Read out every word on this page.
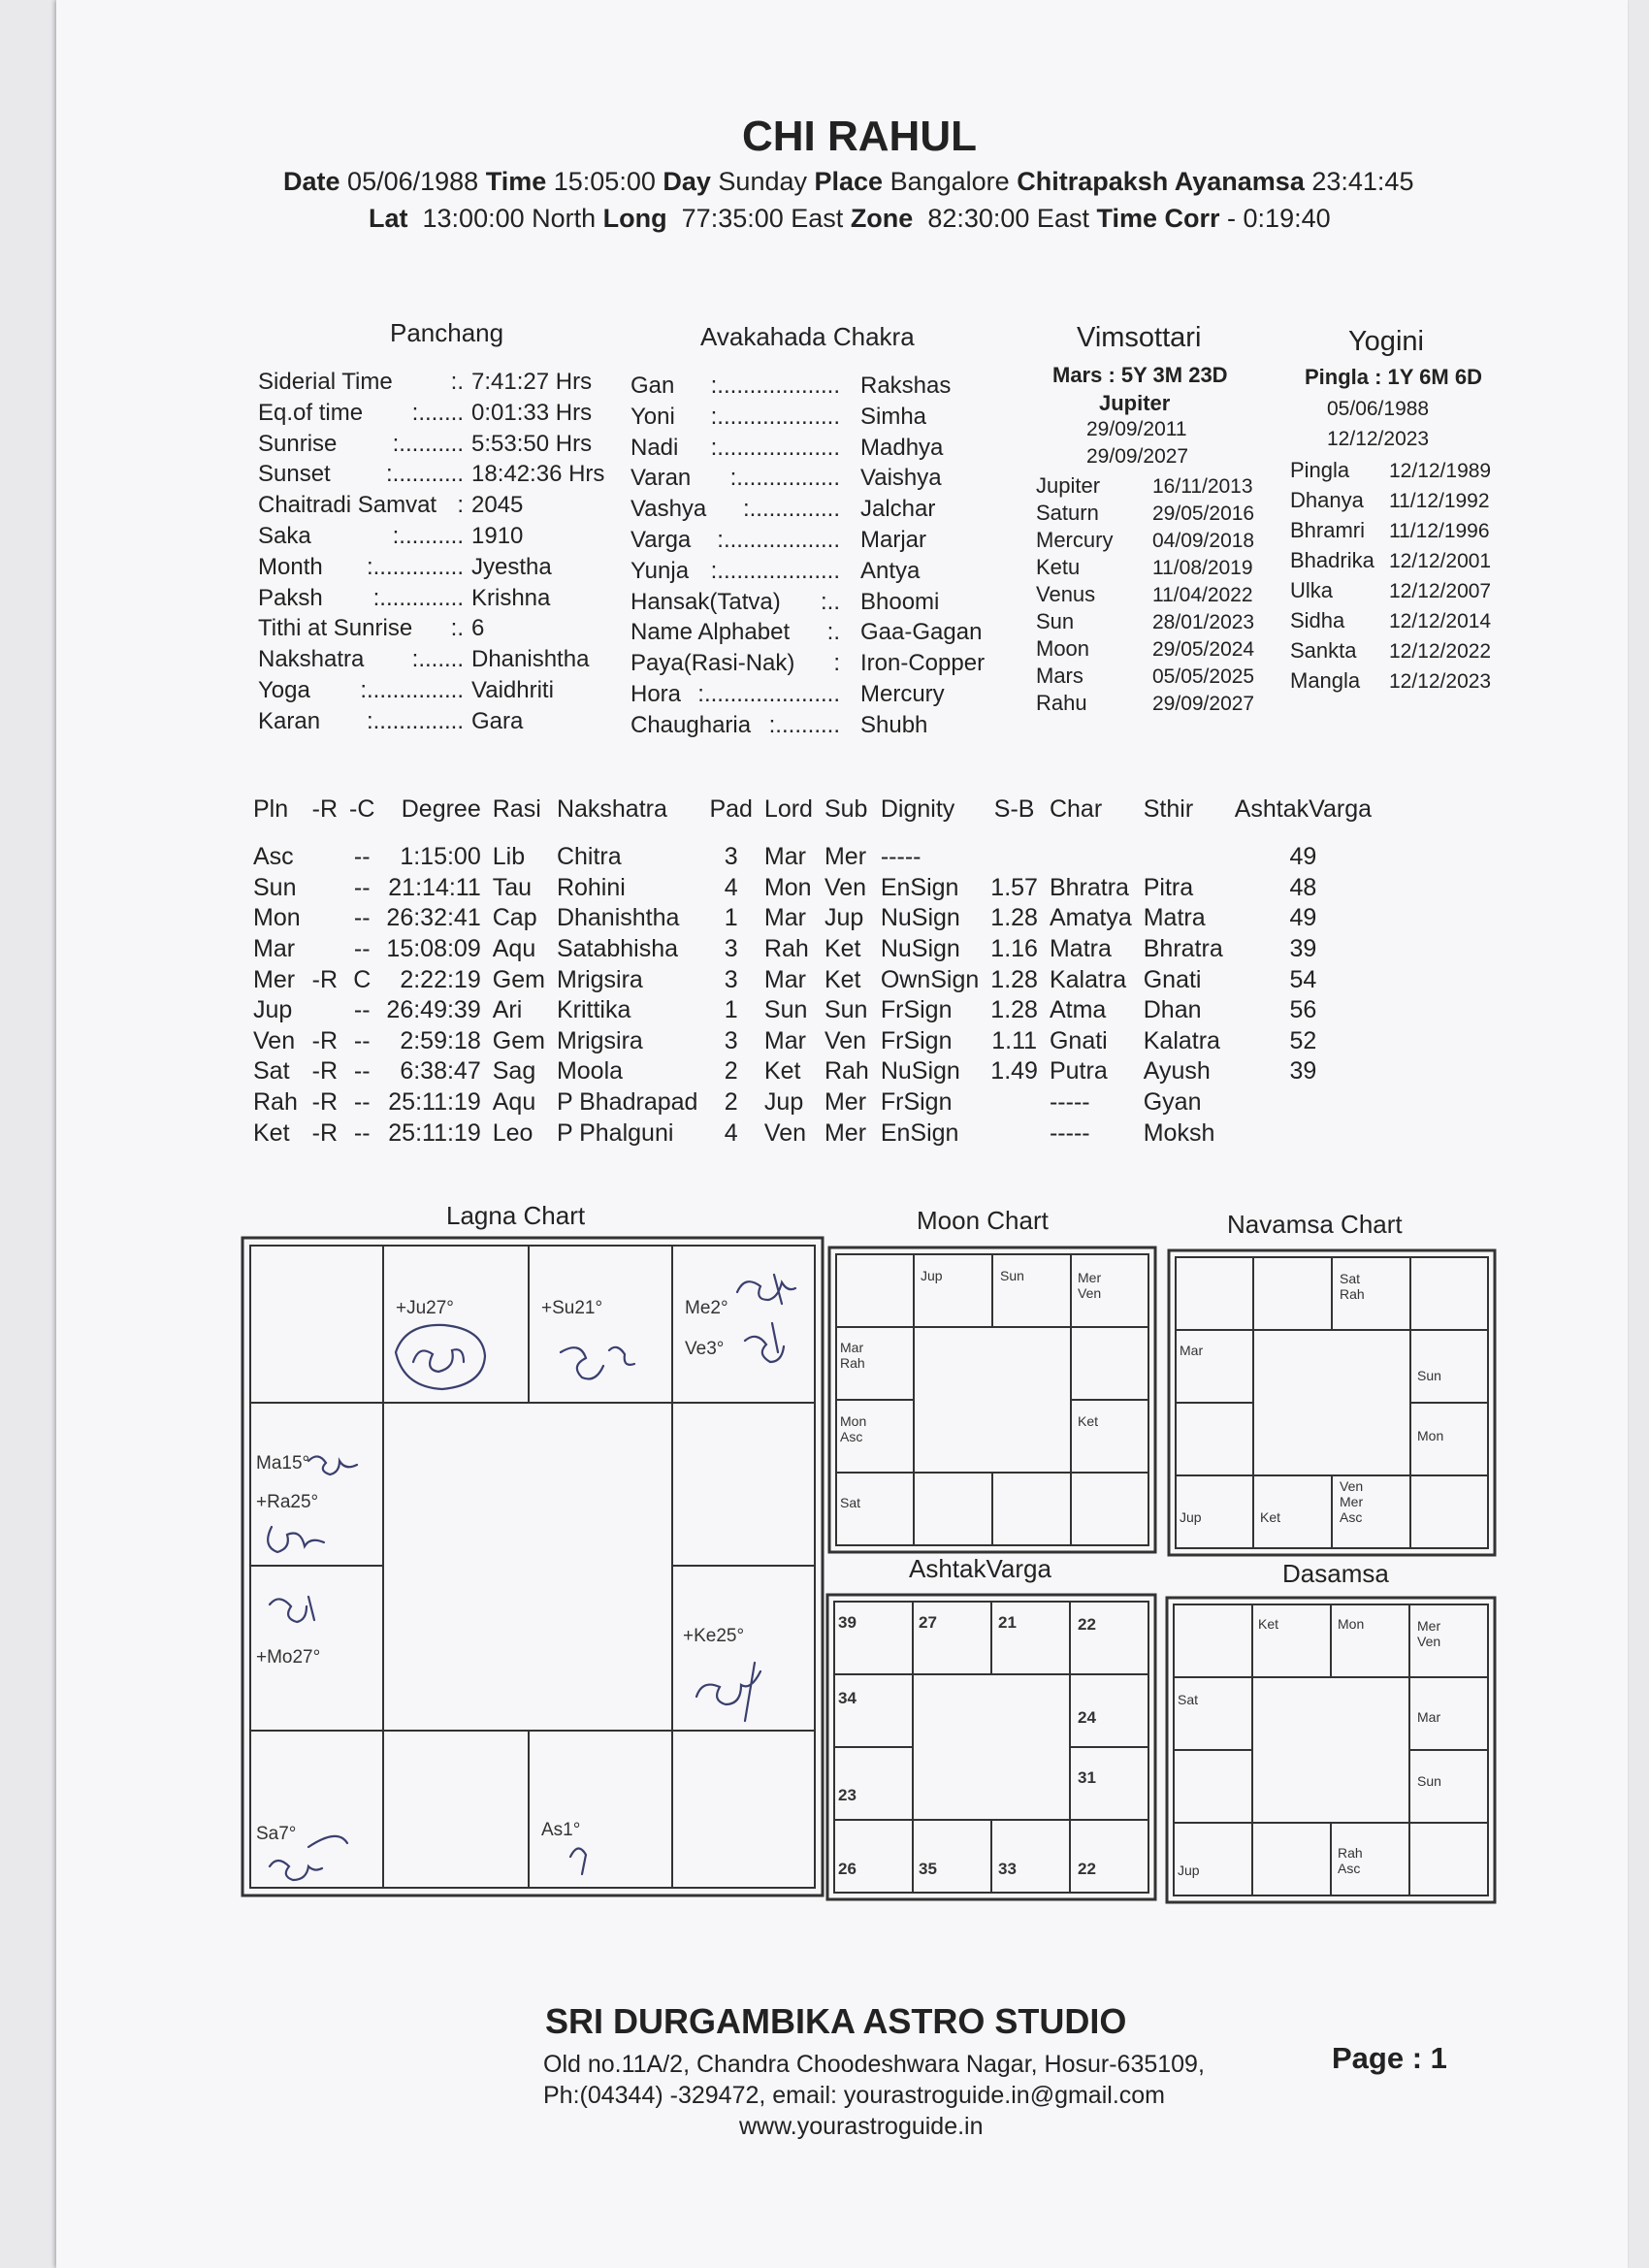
CHI RAHUL
Date 05/06/1988 Time 15:05:00 Day Sunday Place Bangalore Chitrapaksh Ayanamsa 23:41:45
Lat 13:00:00 North Long 77:35:00 East Zone 82:30:00 East Time Corr - 0:19:40
Panchang	Avakahada Chakra	Vimsottari	Yogini
Siderial Time	7:41:27 Hrs
Eq.of time	0:01:33 Hrs
Sunrise	5:53:50 Hrs
Sunset	18:42:36 Hrs
Chaitradi Samvat 2045
Saka	1910
Month	Jyestha
Paksh	Krishna
Tithi at Sunrise	6
Nakshatra	Dhanishtha
Yoga	Vaidhriti
Karan	Gara
Gan	Rakshas
Yoni	Simha
Nadi	Madhya
Varan	Vaishya
Vashya	Jalchar
Varga	Marjar
Yunja	Antya
Hansak(Tatva)	Bhoomi
Name Alphabet	Gaa-Gagan
Paya(Rasi-Nak)	Iron-Copper
Hora	Mercury
Chaugharia	Shubh
Mars : 5Y 3M 23D
Jupiter
29/09/2011
29/09/2027
Jupiter	16/11/2013
Saturn	29/05/2016
Mercury 04/09/2018
Ketu	11/08/2019
Venus	11/04/2022
Sun	28/01/2023
Moon	29/05/2024
Mars	05/05/2025
Rahu	29/09/2027
Pingla : 1Y 6M 6D
05/06/1988
12/12/2023
Pingla 12/12/1989
Dhanya 11/12/1992
Bhramri 11/12/1996
Bhadrika 12/12/2001
Ulka	12/12/2007
Sidha 12/12/2014
Sankta 12/12/2022
Mangla 12/12/2023
Pln	-R	-C	Degree	Rasi	Nakshatra	Pad	Lord	Sub	Dignity	S-B	Char	Sthir	AshtakVarga
Asc		--	1:15:00	Lib	Chitra	3	Mar	Mer	-----				49
Sun		--	21:14:11	Tau	Rohini	4	Mon	Ven	EnSign	1.57	Bhratra	Pitra	48
Mon		--	26:32:41	Cap	Dhanishtha	1	Mar	Jup	NuSign	1.28	Amatya	Matra	49
Mar		--	15:08:09	Aqu	Satabhisha	3	Rah	Ket	NuSign	1.16	Matra	Bhratra	39
Mer	-R	C	2:22:19	Gem	Mrigsira	3	Mar	Ket	OwnSign	1.28	Kalatra	Gnati	54
Jup		--	26:49:39	Ari	Krittika	1	Sun	Sun	FrSign	1.28	Atma	Dhan	56
Ven	-R	--	2:59:18	Gem	Mrigsira	3	Mar	Ven	FrSign	1.11	Gnati	Kalatra	52
Sat	-R	--	6:38:47	Sag	Moola	2	Ket	Rah	NuSign	1.49	Putra	Ayush	39
Rah	-R	--	25:11:19	Aqu	P Bhadrapad	2	Jup	Mer	FrSign		-----	Gyan	
Ket	-R	--	25:11:19	Leo	P Phalguni	4	Ven	Mer	EnSign		-----	Moksh	
Lagna Chart	Moon Chart	Navamsa Chart
AshtakVarga	Dasamsa
+Ju27°	+Su21°	Me2°
Ve3°
Ma15°
+Ra25°
+Mo27°
+Ke25°
Sa7°	As1°
Jup	Sun	Mer
Ven
Mar
Rah
Mon
Asc
Ket
Sat
Sat
Rah
Mar
Sun
Mon
Jup	Ket
Ven
Mer
Asc
39	27	21	22
34
24
23
31
26	35	33	22
Ket	Mon	Mer
Ven
Sat
Mar
Sun
Jup
Rah
Asc
SRI DURGAMBIKA ASTRO STUDIO
Old no.11A/2, Chandra Choodeshwara Nagar, Hosur-635109,
Ph:(04344) -329472, email: yourastroguide.in@gmail.com
www.yourastroguide.in
Page : 1
